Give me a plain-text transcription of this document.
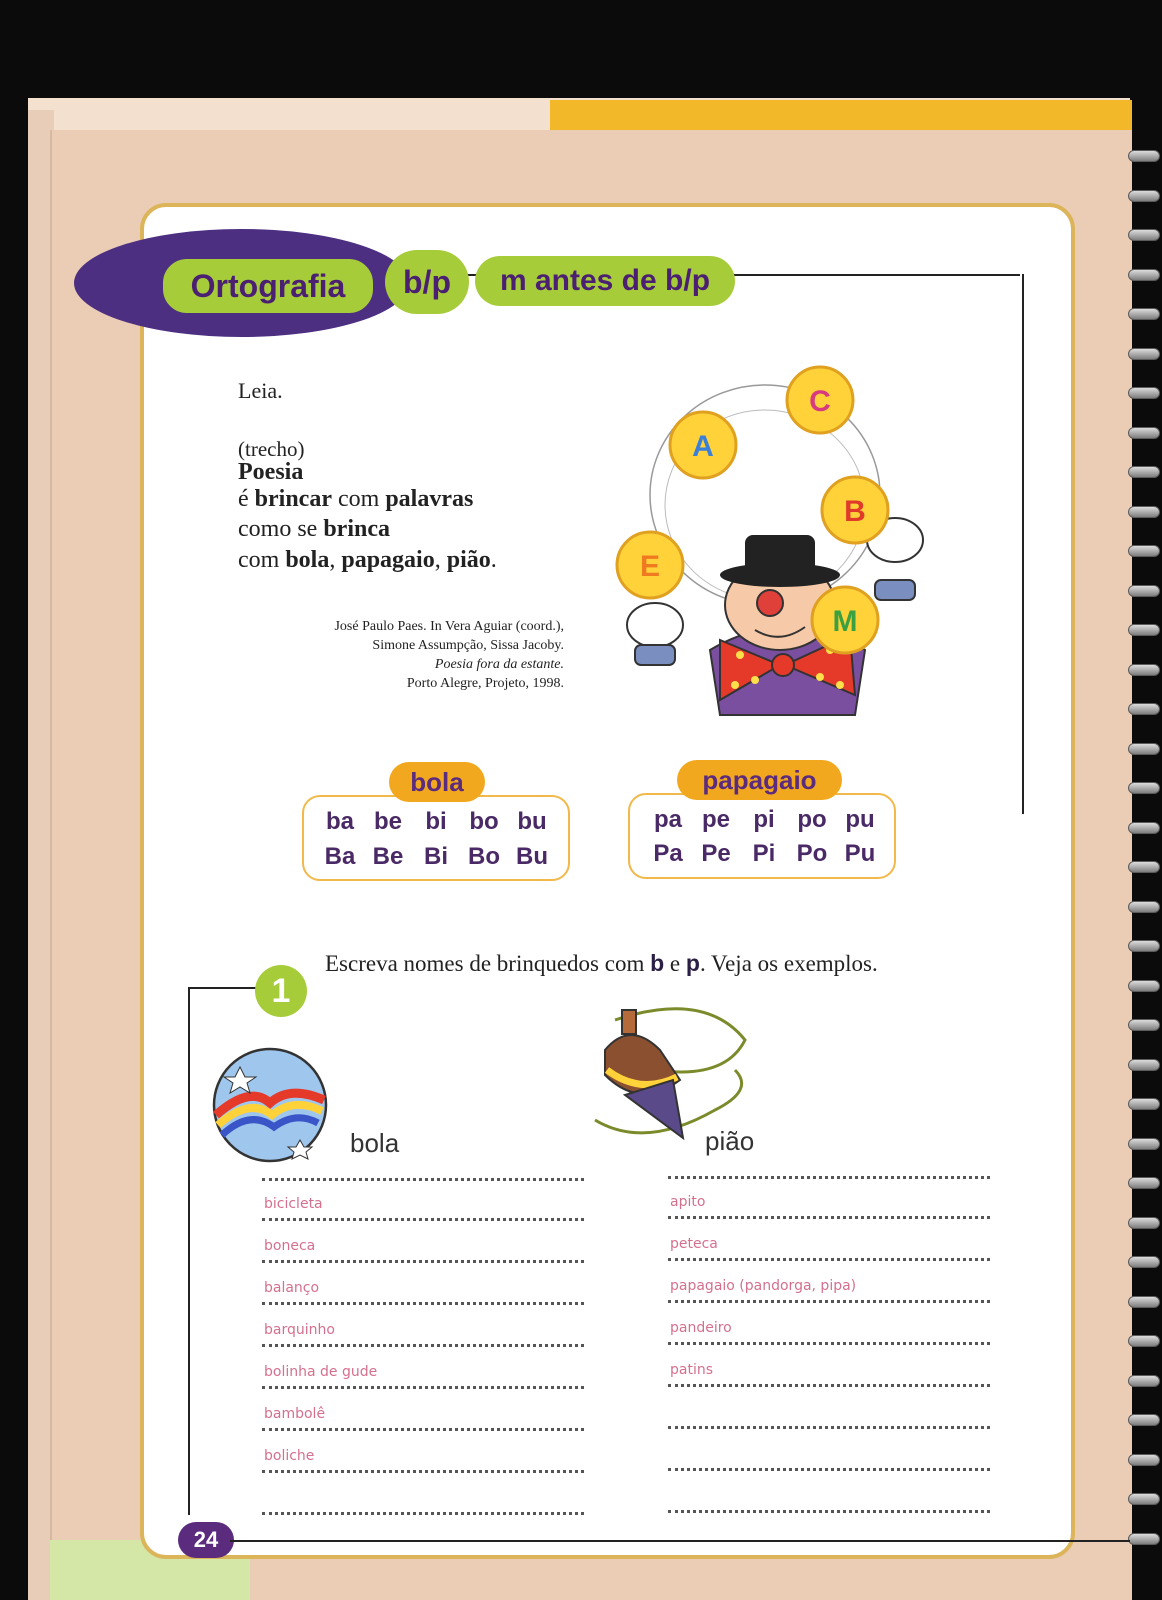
Ortografia	b/p	m antes de b/p
Leia.
(trecho)
Poesia
é brincar com palavras
como se brinca
com bola, papagaio, pião.
José Paulo Paes. In Vera Aguiar (coord.),
Simone Assumpção, Sissa Jacoby.
Poesia fora da estante.
Porto Alegre, Projeto, 1998.
A
C
B
E
M
bola
ba be bi bo bu
Ba Be Bi Bo Bu
papagaio
pa pe pi po pu
Pa Pe Pi Po Pu
1
Escreva nomes de brinquedos com b e p. Veja os exemplos.
bola	pião
bicicleta
boneca
balanço
barquinho
bolinha de gude
bambolê
boliche
apito
peteca
papagaio (pandorga, pipa)
pandeiro
patins
24
